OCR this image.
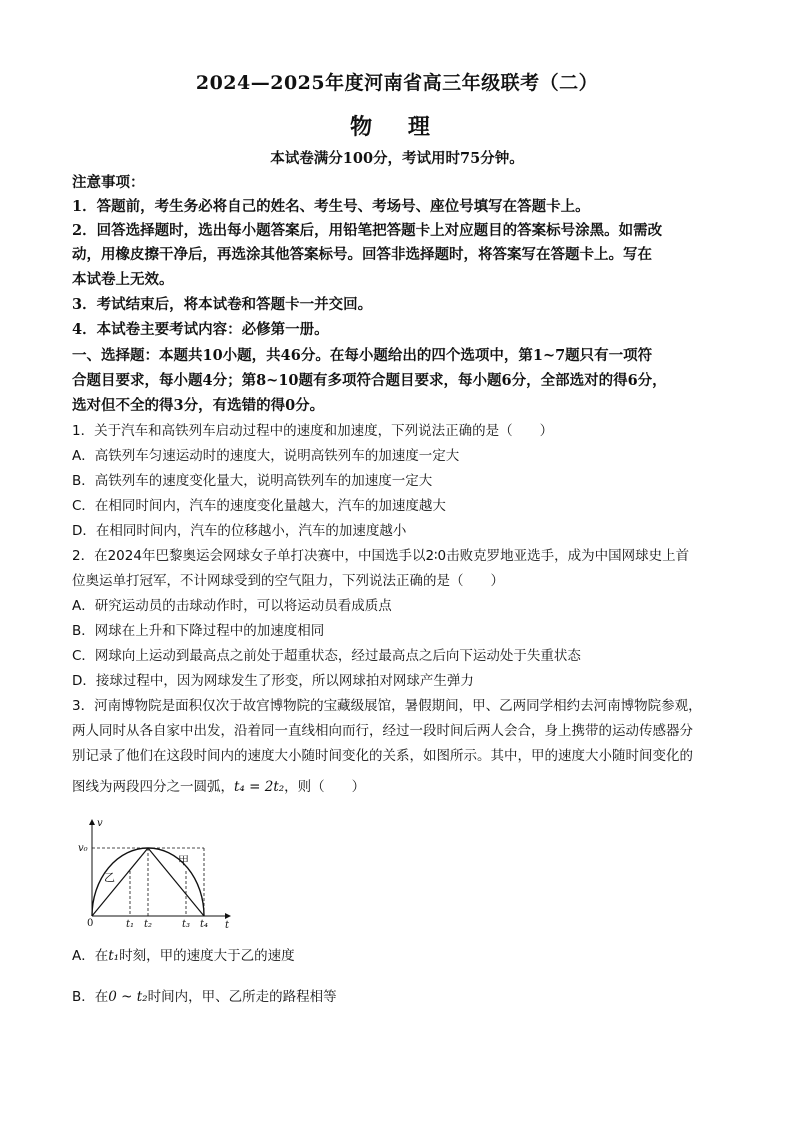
2024—2025年度河南省高三年级联考（二）
物 理
本试卷满分100分，考试用时75分钟。
注意事项：
1．答题前，考生务必将自己的姓名、考生号、考场号、座位号填写在答题卡上。
2．回答选择题时，选出每小题答案后，用铅笔把答题卡上对应题目的答案标号涂黑。如需改
动，用橡皮擦干净后，再选涂其他答案标号。回答非选择题时，将答案写在答题卡上。写在
本试卷上无效。
3．考试结束后，将本试卷和答题卡一并交回。
4．本试卷主要考试内容：必修第一册。
一、选择题：本题共10小题，共46分。在每小题给出的四个选项中，第1~7题只有一项符
合题目要求，每小题4分；第8~10题有多项符合题目要求，每小题6分，全部选对的得6分，
选对但不全的得3分，有选错的得0分。
1．关于汽车和高铁列车启动过程中的速度和加速度，下列说法正确的是（　　）
A．高铁列车匀速运动时的速度大，说明高铁列车的加速度一定大
B．高铁列车的速度变化量大，说明高铁列车的加速度一定大
C．在相同时间内，汽车的速度变化量越大，汽车的加速度越大
D．在相同时间内，汽车的位移越小，汽车的加速度越小
2．在2024年巴黎奥运会网球女子单打决赛中，中国选手以2∶0击败克罗地亚选手，成为中国网球史上首
位奥运单打冠军，不计网球受到的空气阻力，下列说法正确的是（　　）
A．研究运动员的击球动作时，可以将运动员看成质点
B．网球在上升和下降过程中的加速度相同
C．网球向上运动到最高点之前处于超重状态，经过最高点之后向下运动处于失重状态
D．接球过程中，因为网球发生了形变，所以网球拍对网球产生弹力
3．河南博物院是面积仅次于故宫博物院的宝藏级展馆，暑假期间，甲、乙两同学相约去河南博物院参观，
两人同时从各自家中出发，沿着同一直线相向而行，经过一段时间后两人会合，身上携带的运动传感器分
别记录了他们在这段时间内的速度大小随时间变化的关系，如图所示。其中，甲的速度大小随时间变化的
图线为两段四分之一圆弧，t₄ = 2t₂，则（　　）
v
t
v₀
0	t₁ t₂	t₃ t₄
甲
乙
A．在t₁时刻，甲的速度大于乙的速度
B．在0 ~ t₂时间内，甲、乙所走的路程相等
